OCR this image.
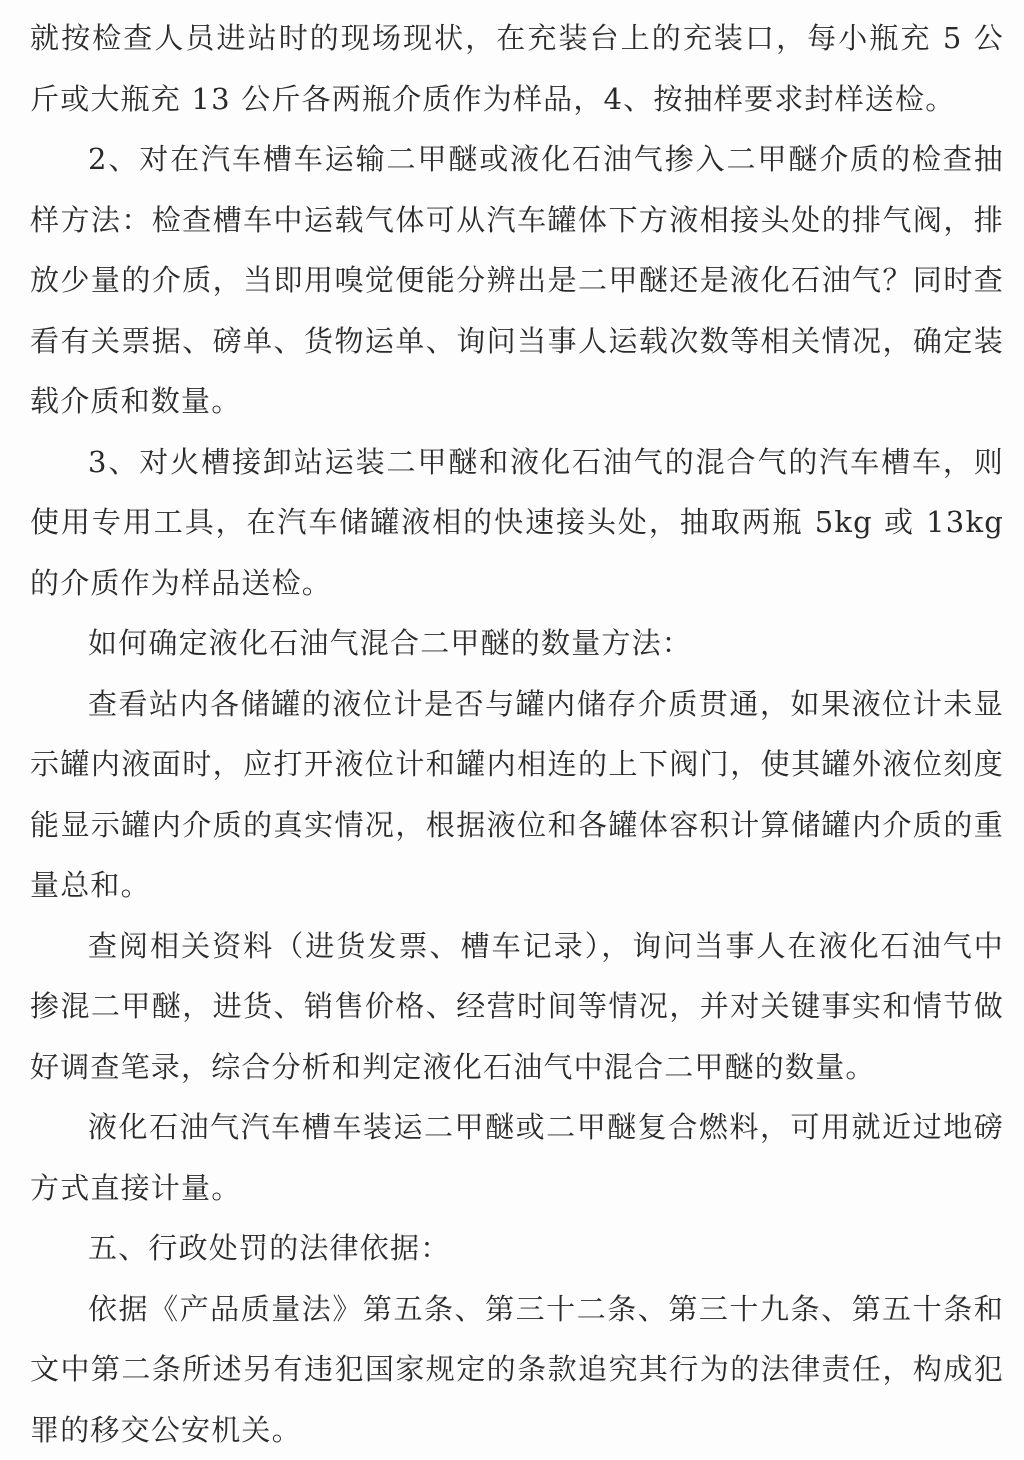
就按检查人员进站时的现场现状，在充装台上的充装口，每小瓶充 5 公斤或大瓶充 13 公斤各两瓶介质作为样品，4、按抽样要求封样送检。

2、对在汽车槽车运输二甲醚或液化石油气掺入二甲醚介质的检查抽样方法：检查槽车中运载气体可从汽车罐体下方液相接头处的排气阀，排放少量的介质，当即用嗅觉便能分辨出是二甲醚还是液化石油气？同时查看有关票据、磅单、货物运单、询问当事人运载次数等相关情况，确定装载介质和数量。

3、对火槽接卸站运装二甲醚和液化石油气的混合气的汽车槽车，则使用专用工具，在汽车储罐液相的快速接头处，抽取两瓶 5kg 或 13kg 的介质作为样品送检。

如何确定液化石油气混合二甲醚的数量方法：

查看站内各储罐的液位计是否与罐内储存介质贯通，如果液位计未显示罐内液面时，应打开液位计和罐内相连的上下阀门，使其罐外液位刻度能显示罐内介质的真实情况，根据液位和各罐体容积计算储罐内介质的重量总和。

查阅相关资料（进货发票、槽车记录），询问当事人在液化石油气中掺混二甲醚，进货、销售价格、经营时间等情况，并对关键事实和情节做好调查笔录，综合分析和判定液化石油气中混合二甲醚的数量。

液化石油气汽车槽车装运二甲醚或二甲醚复合燃料，可用就近过地磅方式直接计量。

五、行政处罚的法律依据：

依据《产品质量法》第五条、第三十二条、第三十九条、第五十条和文中第二条所述另有违犯国家规定的条款追究其行为的法律责任，构成犯罪的移交公安机关。
